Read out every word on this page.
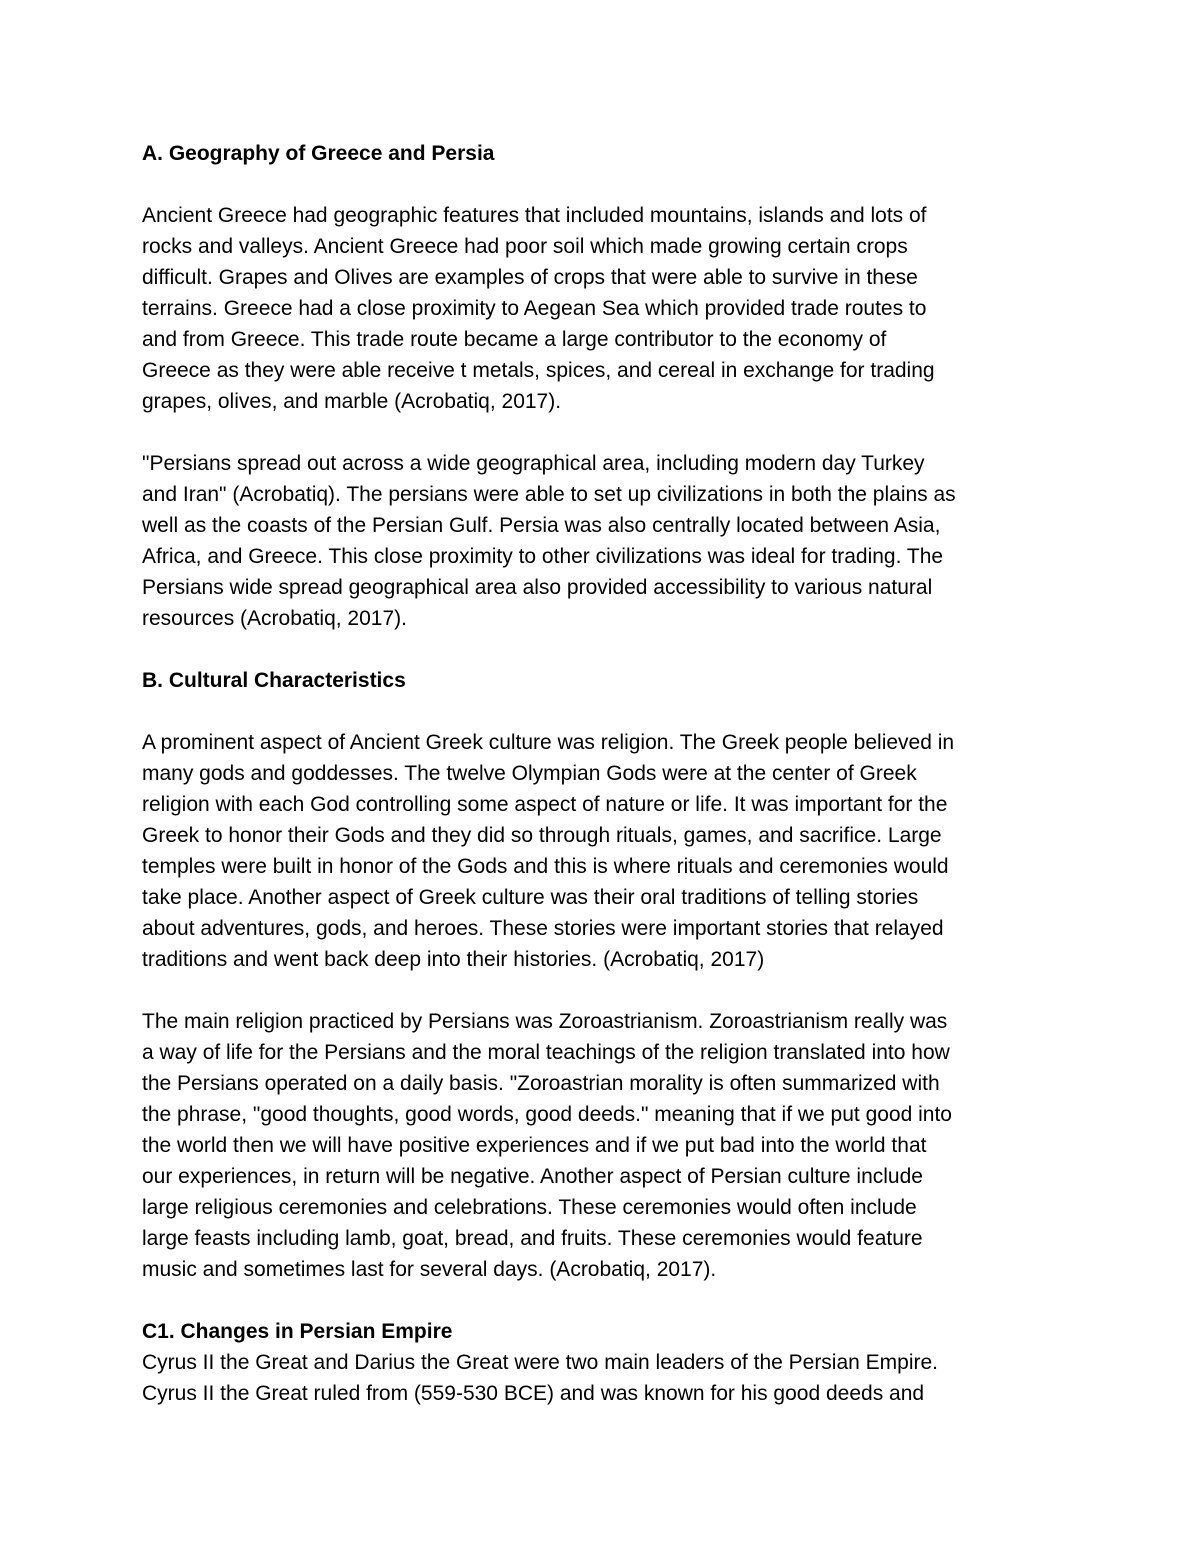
A. Geography of Greece and Persia

Ancient Greece had geographic features that included mountains, islands and lots of
rocks and valleys. Ancient Greece had poor soil which made growing certain crops
difficult. Grapes and Olives are examples of crops that were able to survive in these
terrains. Greece had a close proximity to Aegean Sea which provided trade routes to
and from Greece. This trade route became a large contributor to the economy of
Greece as they were able receive t metals, spices, and cereal in exchange for trading
grapes, olives, and marble (Acrobatiq, 2017).

"Persians spread out across a wide geographical area, including modern day Turkey
and Iran" (Acrobatiq). The persians were able to set up civilizations in both the plains as
well as the coasts of the Persian Gulf. Persia was also centrally located between Asia,
Africa, and Greece. This close proximity to other civilizations was ideal for trading. The
Persians wide spread geographical area also provided accessibility to various natural
resources (Acrobatiq, 2017).

B. Cultural Characteristics

A prominent aspect of Ancient Greek culture was religion. The Greek people believed in
many gods and goddesses. The twelve Olympian Gods were at the center of Greek
religion with each God controlling some aspect of nature or life. It was important for the
Greek to honor their Gods and they did so through rituals, games, and sacrifice. Large
temples were built in honor of the Gods and this is where rituals and ceremonies would
take place. Another aspect of Greek culture was their oral traditions of telling stories
about adventures, gods, and heroes. These stories were important stories that relayed
traditions and went back deep into their histories. (Acrobatiq, 2017)

The main religion practiced by Persians was Zoroastrianism. Zoroastrianism really was
a way of life for the Persians and the moral teachings of the religion translated into how
the Persians operated on a daily basis. "Zoroastrian morality is often summarized with
the phrase, "good thoughts, good words, good deeds." meaning that if we put good into
the world then we will have positive experiences and if we put bad into the world that
our experiences, in return will be negative. Another aspect of Persian culture include
large religious ceremonies and celebrations. These ceremonies would often include
large feasts including lamb, goat, bread, and fruits. These ceremonies would feature
music and sometimes last for several days. (Acrobatiq, 2017).

C1. Changes in Persian Empire

Cyrus II the Great and Darius the Great were two main leaders of the Persian Empire.
Cyrus II the Great ruled from (559-530 BCE) and was known for his good deeds and
